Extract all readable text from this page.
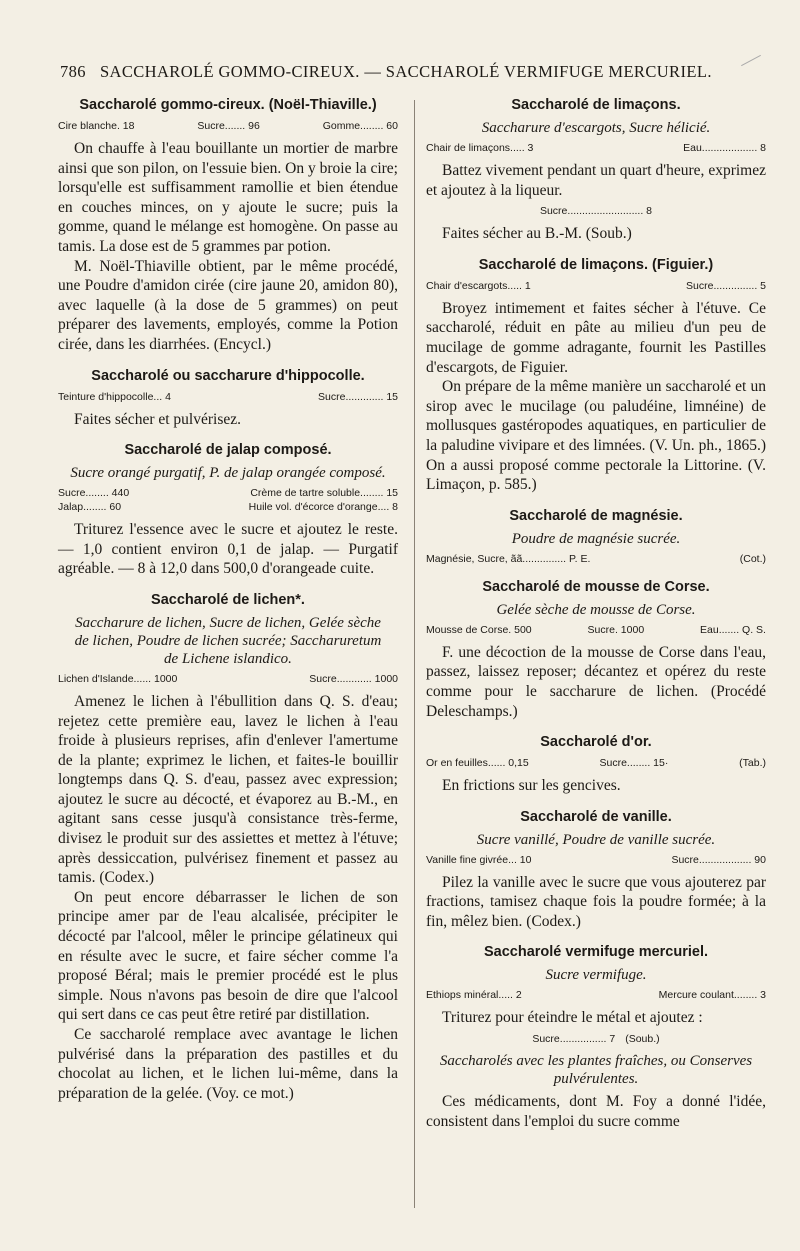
786 SACCHAROLÉ GOMMO-CIREUX. — SACCHAROLÉ VERMIFUGE MERCURIEL.
Saccharolé gommo-cireux. (Noël-Thiaville.)
Cire blanche. 18	Sucre....... 96	Gomme........ 60

On chauffe à l'eau bouillante un mortier de marbre ainsi que son pilon, on l'essuie bien. On y broie la cire; lorsqu'elle est suffisamment ramollie et bien étendue en couches minces, on y ajoute le sucre; puis la gomme, quand le mélange est homogène. On passe au tamis. La dose est de 5 grammes par potion.

M. Noël-Thiaville obtient, par le même procédé, une Poudre d'amidon cirée (cire jaune 20, amidon 80), avec laquelle (à la dose de 5 grammes) on peut préparer des lavements, employés, comme la Potion cirée, dans les diarrhées. (Encycl.)

Saccharolé ou saccharure d'hippocolle.
Teinture d'hippocolle... 4	Sucre............. 15

Faites sécher et pulvérisez.

Saccharolé de jalap composé.
Sucre orangé purgatif, P. de jalap orangée composé.
Sucre........ 440	Crème de tartre soluble........ 15
Jalap........ 60	Huile vol. d'écorce d'orange.... 8

Triturez l'essence avec le sucre et ajoutez le reste. — 1,0 contient environ 0,1 de jalap. — Purgatif agréable. — 8 à 12,0 dans 500,0 d'orangeade cuite.

Saccharolé de lichen*.
Saccharure de lichen, Sucre de lichen, Gelée sèche de lichen, Poudre de lichen sucrée; Saccharuretum de Lichene islandico.
Lichen d'Islande...... 1000	Sucre............ 1000

Amenez le lichen à l'ébullition dans Q. S. d'eau; rejetez cette première eau, lavez le lichen à l'eau froide à plusieurs reprises, afin d'enlever l'amertume de la plante; exprimez le lichen, et faites-le bouillir longtemps dans Q. S. d'eau, passez avec expression; ajoutez le sucre au décocté, et évaporez au B.-M., en agitant sans cesse jusqu'à consistance très-ferme, divisez le produit sur des assiettes et mettez à l'étuve; après dessiccation, pulvérisez finement et passez au tamis. (Codex.)

On peut encore débarrasser le lichen de son principe amer par de l'eau alcalisée, précipiter le décocté par l'alcool, mêler le principe gélatineux qui en résulte avec le sucre, et faire sécher comme l'a proposé Béral; mais le premier procédé est le plus simple. Nous n'avons pas besoin de dire que l'alcool qui sert dans ce cas peut être retiré par distillation.

Ce saccharolé remplace avec avantage le lichen pulvérisé dans la préparation des pastilles et du chocolat au lichen, et le lichen lui-même, dans la préparation de la gelée. (Voy. ce mot.)

Saccharolé de limaçons.
Saccharure d'escargots, Sucre hélicié.
Chair de limaçons..... 3	Eau................... 8

Battez vivement pendant un quart d'heure, exprimez et ajoutez à la liqueur.

Sucre.......................... 8

Faites sécher au B.-M. (Soub.)

Saccharolé de limaçons. (Figuier.)
Chair d'escargots..... 1	Sucre............... 5

Broyez intimement et faites sécher à l'étuve. Ce saccharolé, réduit en pâte au milieu d'un peu de mucilage de gomme adragante, fournit les Pastilles d'escargots, de Figuier.

On prépare de la même manière un saccharolé et un sirop avec le mucilage (ou paludéine, limnéine) de mollusques gastéropodes aquatiques, en particulier de la paludine vivipare et des limnées. (V. Un. ph., 1865.) On a aussi proposé comme pectorale la Littorine. (V. Limaçon, p. 585.)

Saccharolé de magnésie.
Poudre de magnésie sucrée.
Magnésie, Sucre, ãã............... P. E.	(Cot.)
Saccharolé de mousse de Corse.
Gelée sèche de mousse de Corse.
Mousse de Corse. 500	Sucre. 1000	Eau....... Q. S.

F. une décoction de la mousse de Corse dans l'eau, passez, laissez reposer; décantez et opérez du reste comme pour le saccharure de lichen. (Procédé Deleschamps.)

Saccharolé d'or.
Or en feuilles...... 0,15	Sucre........ 15·	(Tab.)

En frictions sur les gencives.

Saccharolé de vanille.
Sucre vanillé, Poudre de vanille sucrée.
Vanille fine givrée... 10	Sucre.................. 90

Pilez la vanille avec le sucre que vous ajouterez par fractions, tamisez chaque fois la poudre formée; à la fin, mêlez bien. (Codex.)

Saccharolé vermifuge mercuriel.
Sucre vermifuge.
Ethiops minéral..... 2	Mercure coulant........ 3

Triturez pour éteindre le métal et ajoutez :

Sucre................ 7 (Soub.)
Saccharolés avec les plantes fraîches, ou Conserves pulvérulentes.

Ces médicaments, dont M. Foy a donné l'idée, consistent dans l'emploi du sucre comme
